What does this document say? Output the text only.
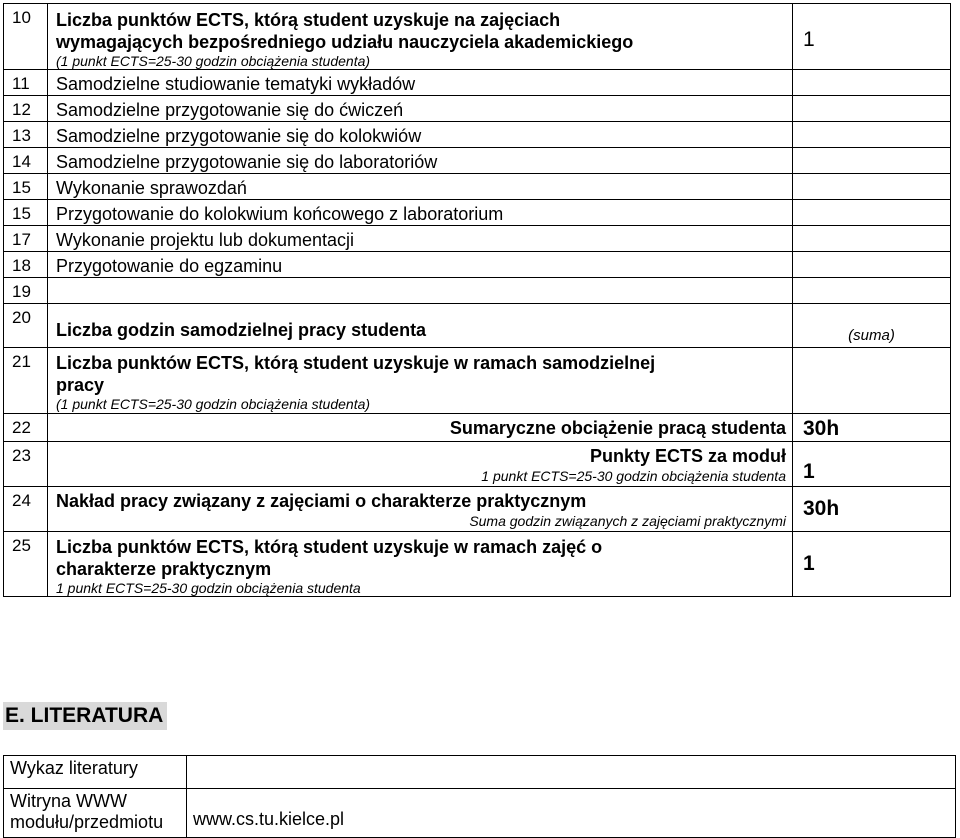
10	Liczba punktów ECTS, którą student uzyskuje na zajęciach
wymagających bezpośredniego udziału nauczyciela akademickiego
(1 punkt ECTS=25-30 godzin obciążenia studenta)	1
11	Samodzielne studiowanie tematyki wykładów	
12	Samodzielne przygotowanie się do ćwiczeń	
13	Samodzielne przygotowanie się do kolokwiów	
14	Samodzielne przygotowanie się do laboratoriów	
15	Wykonanie sprawozdań	
15	Przygotowanie do kolokwium końcowego z laboratorium	
17	Wykonanie projektu lub dokumentacji	
18	Przygotowanie do egzaminu	
19		
20	Liczba godzin samodzielnej pracy studenta	(suma)
21	Liczba punktów ECTS, którą student uzyskuje w ramach samodzielnej
pracy
(1 punkt ECTS=25-30 godzin obciążenia studenta)	

22	Sumaryczne obciążenie pracą studenta	30h
23	Punkty ECTS za moduł
1 punkt ECTS=25-30 godzin obciążenia studenta	1
24	Nakład pracy związany z zajęciami o charakterze praktycznym
Suma godzin związanych z zajęciami praktycznymi	30h
25	Liczba punktów ECTS, którą student uzyskuje w ramach zajęć o
charakterze praktycznym
1 punkt ECTS=25-30 godzin obciążenia studenta	1
E. LITERATURA
Wykaz literatury	
Witryna WWW modułu/przedmiotu	www.cs.tu.kielce.pl
